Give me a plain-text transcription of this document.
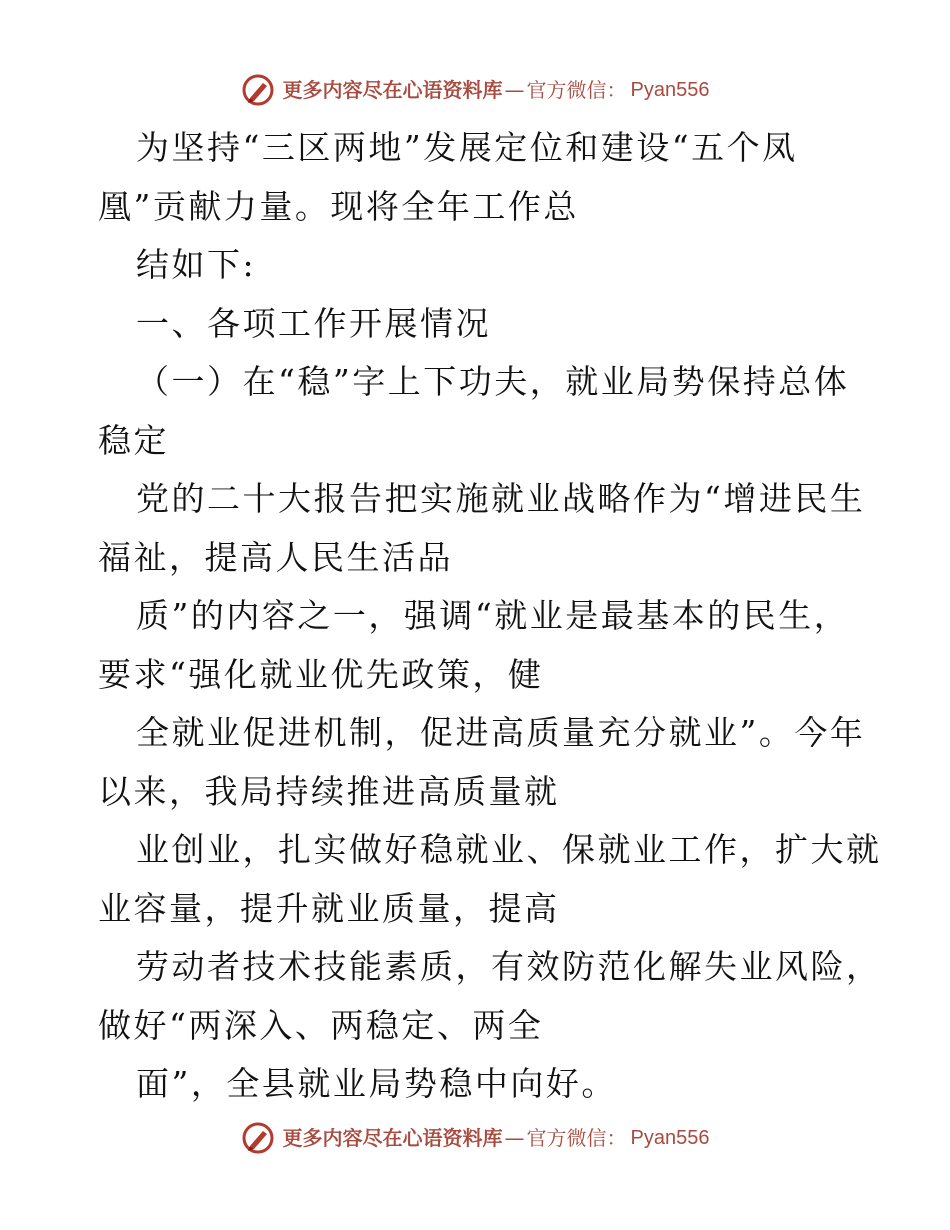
更多内容尽在心语资料库 — 官方微信： Pyan556
为坚持“三区两地”发展定位和建设“五个凤
凰”贡献力量。现将全年工作总
结如下:
一、各项工作开展情况
（一）在“稳”字上下功夫，就业局势保持总体
稳定
党的二十大报告把实施就业战略作为“增进民生
福祉，提高人民生活品
质”的内容之一，强调“就业是最基本的民生，
要求“强化就业优先政策，健
全就业促进机制，促进高质量充分就业”。今年
以来，我局持续推进高质量就
业创业，扎实做好稳就业、保就业工作，扩大就
业容量，提升就业质量，提高
劳动者技术技能素质，有效防范化解失业风险，
做好“两深入、两稳定、两全
面”，全县就业局势稳中向好。
更多内容尽在心语资料库 — 官方微信： Pyan556
